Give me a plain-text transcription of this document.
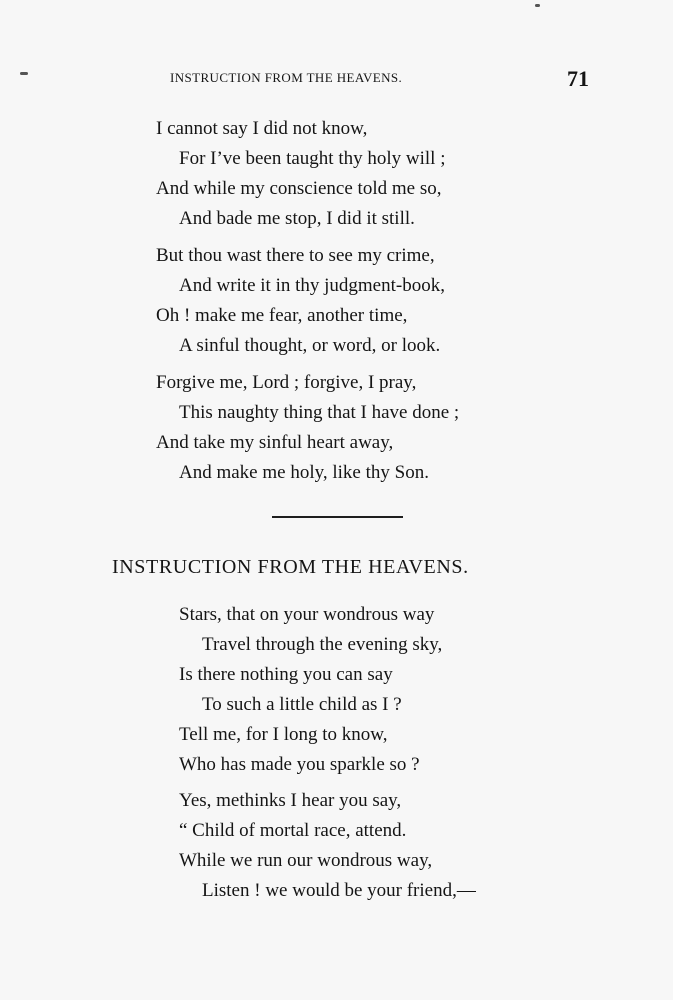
INSTRUCTION FROM THE HEAVENS.	71
I cannot say I did not know,
For I’ve been taught thy holy will ;
And while my conscience told me so,
And bade me stop, I did it still.
But thou wast there to see my crime,
And write it in thy judgment-book,
Oh ! make me fear, another time,
A sinful thought, or word, or look.
Forgive me, Lord ; forgive, I pray,
This naughty thing that I have done ;
And take my sinful heart away,
And make me holy, like thy Son.
INSTRUCTION FROM THE HEAVENS.
Stars, that on your wondrous way
Travel through the evening sky,
Is there nothing you can say
To such a little child as I ?
Tell me, for I long to know,
Who has made you sparkle so ?
Yes, methinks I hear you say,
“ Child of mortal race, attend.
While we run our wondrous way,
Listen ! we would be your friend,—
